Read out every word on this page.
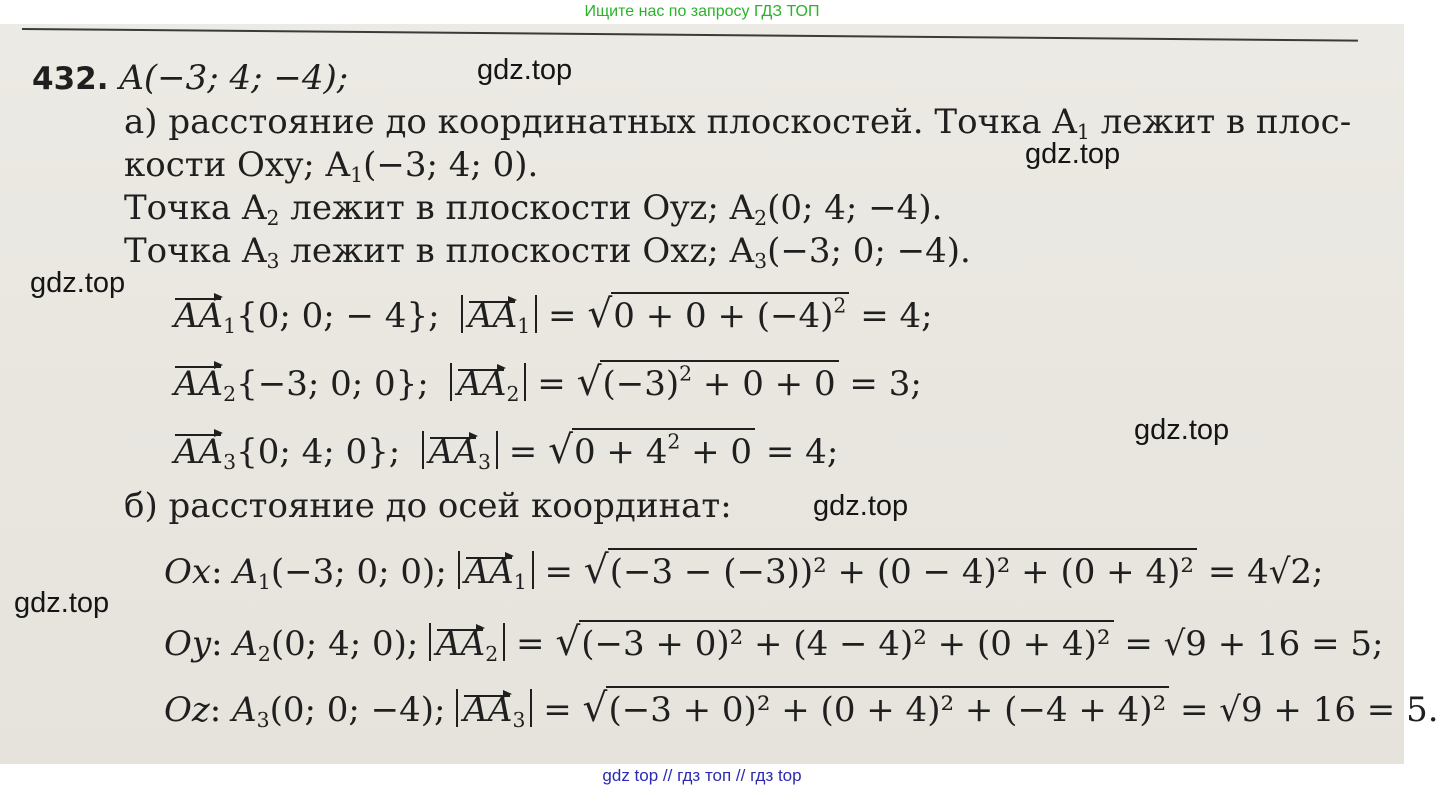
Ищите нас по запросу ГДЗ ТОП
432. A(−3; 4; −4);
а) расстояние до координатных плоскостей. Точка $A_1$ лежит в плос-
кости Oxy; $A_1(-3$; 4; 0).
Точка $A_2$ лежит в плоскости Oyz; $A_2(0$; 4; −4).
Точка $A_3$ лежит в плоскости Oxz; $A_3(-3$; 0; −4).
$AA_1\{0$; 0; − 4}; $AA_1$ = √ $0 + 0 + (-4)^2 = 4$;
$AA_2\{-3$; 0; 0}; $AA_2$ = √ $(-3)^2 + 0 + 0 = 3$;
$AA_3\{0$; 4; 0}; $AA_3$ = √ $0 + 4^2 + 0 = 4$;
б) расстояние до осей координат:
Ox: $A_1(-3$; 0; 0); $AA_1$ = √ (−3 − (−3))² + (0 − 4)² + (0 + 4)² = 4√2;
Oy: $A_2(0$; 4; 0); $AA_2$ = √ (−3 + 0)² + (4 − 4)² + (0 + 4)² = √9 + 16 = 5;
Oz: $A_3(0$; 0; −4); $AA_3$ = √ (−3 + 0)² + (0 + 4)² + (−4 + 4)² = √9 + 16 = 5.
gdz.top
gdz.top
gdz.top
gdz.top
gdz.top
gdz.top
gdz top // гдз топ // гдз top
